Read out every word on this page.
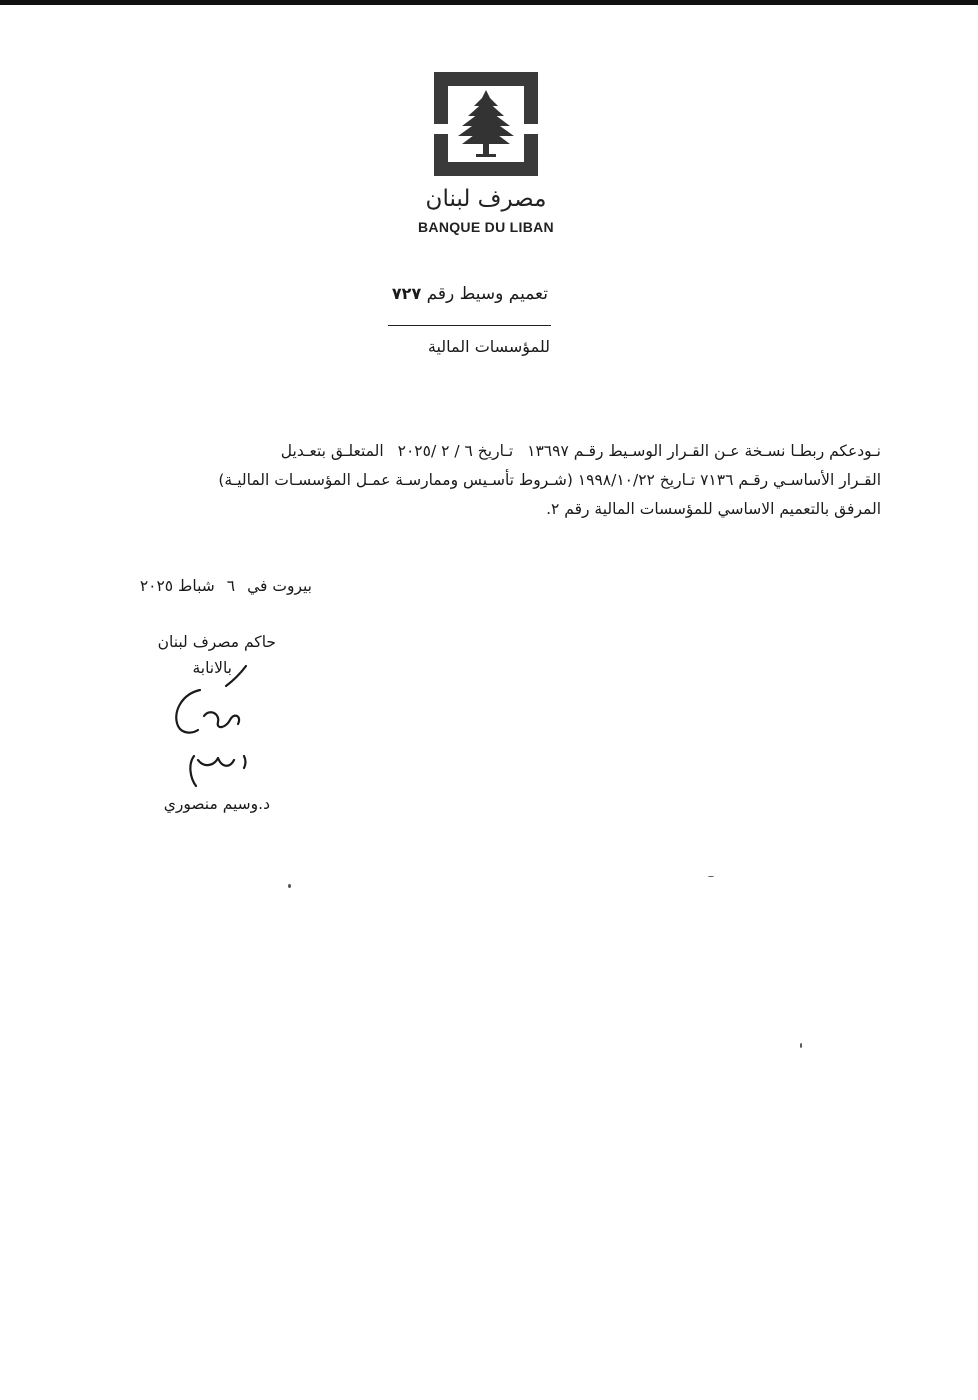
مصرف لبنان
BANQUE DU LIBAN
تعميم وسيط رقم ٧٢٧
للمؤسسات المالية
نـودعكم ربطـا نسـخة عـن القـرار الوسـيط رقـم ١٣٦٩٧تـاريخ ٦ / ٢ /٢٠٢٥المتعلـق بتعـديل
القـرار الأساسـي رقـم ٧١٣٦ تـاريخ ١٩٩٨/١٠/٢٢ (شـروط تأسـيس وممارسـة عمـل المؤسسـات الماليـة)
المرفق بالتعميم الاساسي للمؤسسات المالية رقم ٢.
بيروت في٦شباط ٢٠٢٥
حاكم مصرف لبنان
بالانابة
د.وسيم منصوري
